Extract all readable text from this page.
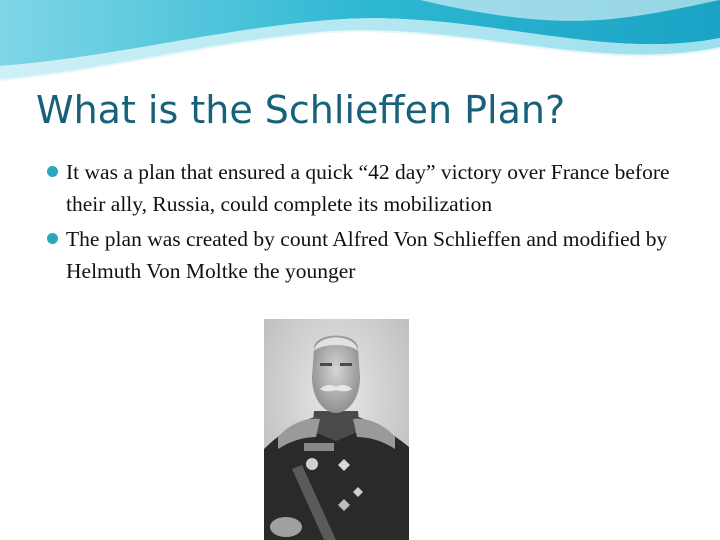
What is the Schlieffen Plan?
It was a plan that ensured a quick “42 day” victory over France before their ally, Russia, could complete its mobilization
The plan was created by count Alfred Von Schlieffen and modified by Helmuth Von Moltke the younger
